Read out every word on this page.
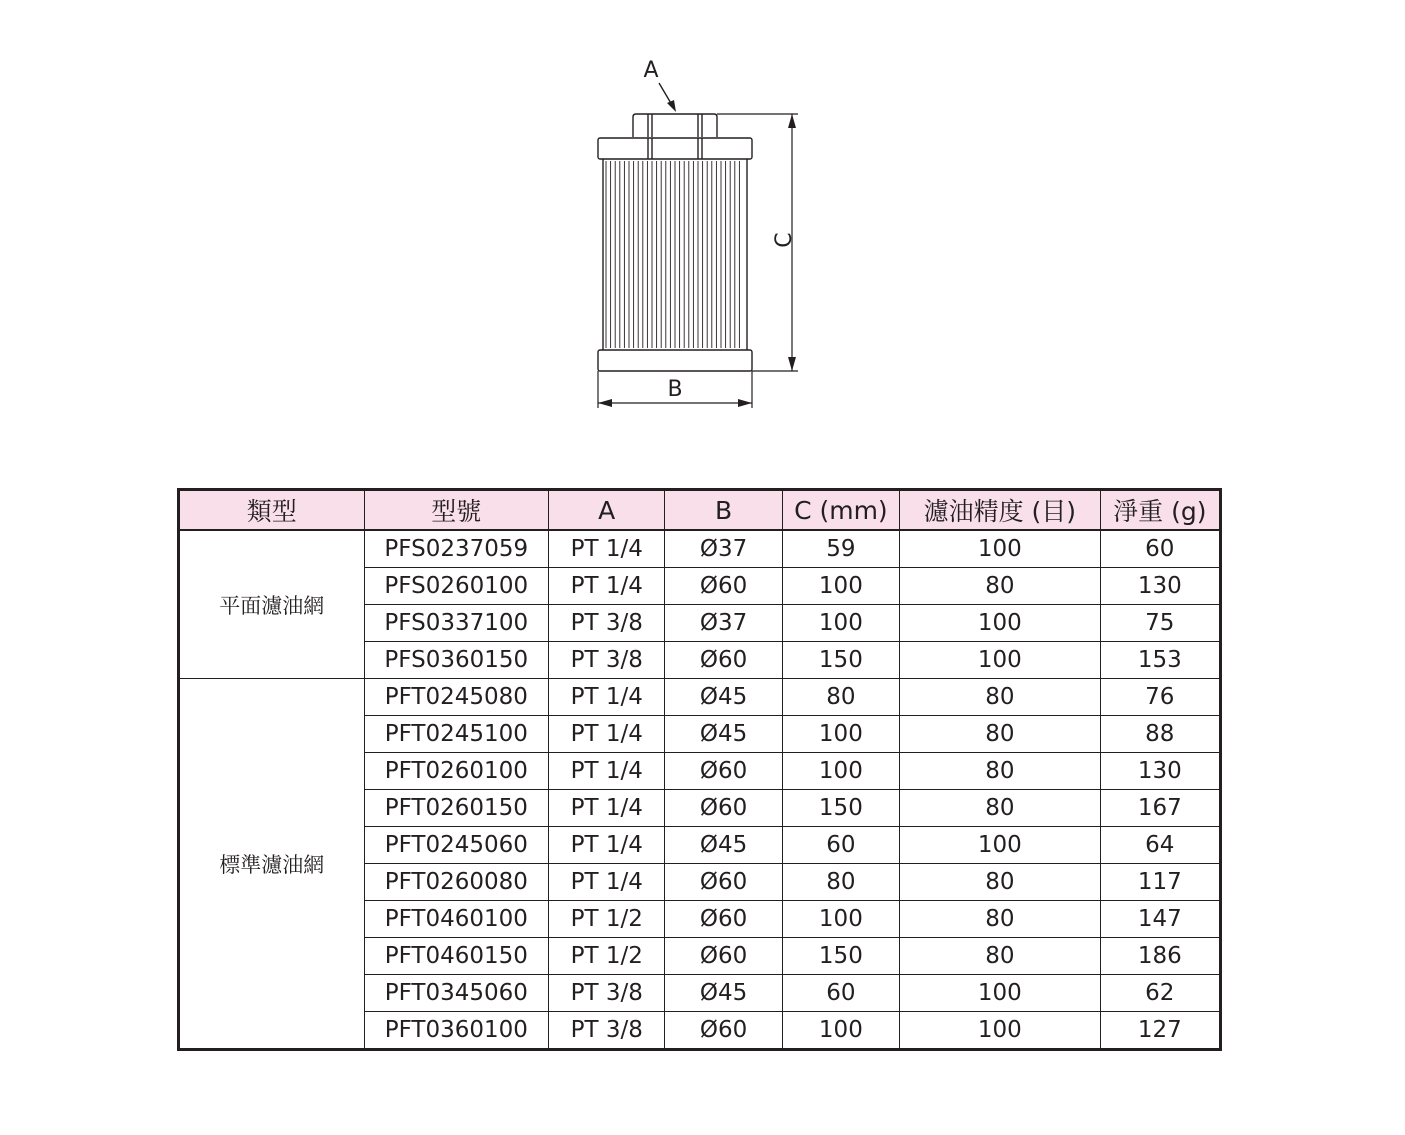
A
C
B
類型	型號	A	B	C (mm)	濾油精度 (目)	淨重 (g)
平面濾油網	PFS0237059	PT 1/4	Ø37	59	100	60
	PFS0260100	PT 1/4	Ø60	100	80	130
	PFS0337100	PT 3/8	Ø37	100	100	75
	PFS0360150	PT 3/8	Ø60	150	100	153
標準濾油網	PFT0245080	PT 1/4	Ø45	80	80	76
	PFT0245100	PT 1/4	Ø45	100	80	88
	PFT0260100	PT 1/4	Ø60	100	80	130
	PFT0260150	PT 1/4	Ø60	150	80	167
	PFT0245060	PT 1/4	Ø45	60	100	64
	PFT0260080	PT 1/4	Ø60	80	80	117
	PFT0460100	PT 1/2	Ø60	100	80	147
	PFT0460150	PT 1/2	Ø60	150	80	186
	PFT0345060	PT 3/8	Ø45	60	100	62
	PFT0360100	PT 3/8	Ø60	100	100	127
